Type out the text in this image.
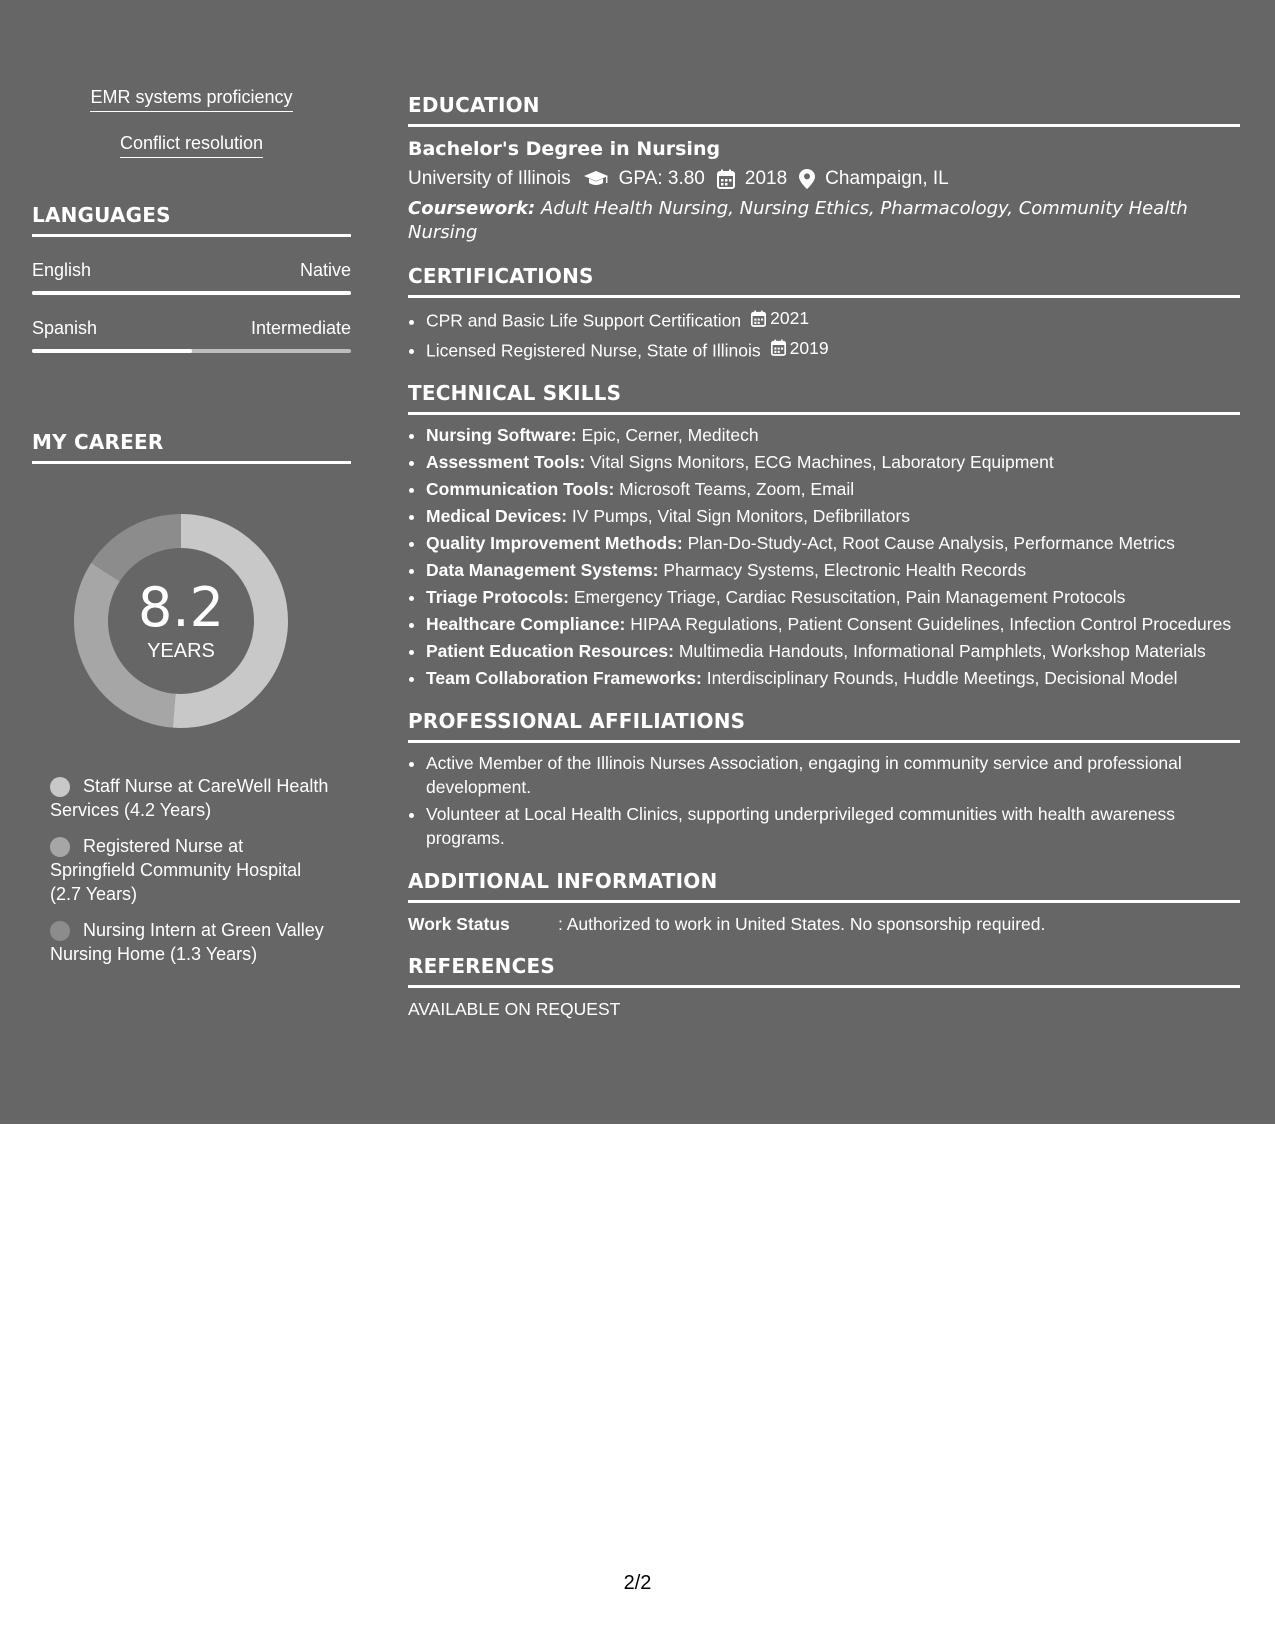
EMR systems proficiency
Conflict resolution
LANGUAGES
English	Native
Spanish	Intermediate
MY CAREER
8.2
YEARS
Staff Nurse at CareWell Health Services (4.2 Years)
Registered Nurse at Springfield Community Hospital (2.7 Years)
Nursing Intern at Green Valley Nursing Home (1.3 Years)
EDUCATION
Bachelor's Degree in Nursing
University of Illinois	GPA: 3.80 2018 Champaign, IL
Coursework: Adult Health Nursing, Nursing Ethics, Pharmacology, Community Health Nursing
CERTIFICATIONS
• CPR and Basic Life Support Certification 2021
• Licensed Registered Nurse, State of Illinois 2019
TECHNICAL SKILLS
• Nursing Software: Epic, Cerner, Meditech
• Assessment Tools: Vital Signs Monitors, ECG Machines, Laboratory Equipment
• Communication Tools: Microsoft Teams, Zoom, Email
• Medical Devices: IV Pumps, Vital Sign Monitors, Defibrillators
• Quality Improvement Methods: Plan-Do-Study-Act, Root Cause Analysis, Performance Metrics
• Data Management Systems: Pharmacy Systems, Electronic Health Records
• Triage Protocols: Emergency Triage, Cardiac Resuscitation, Pain Management Protocols
• Healthcare Compliance: HIPAA Regulations, Patient Consent Guidelines, Infection Control Procedures
• Patient Education Resources: Multimedia Handouts, Informational Pamphlets, Workshop Materials
• Team Collaboration Frameworks: Interdisciplinary Rounds, Huddle Meetings, Decisional Model
PROFESSIONAL AFFILIATIONS
• Active Member of the Illinois Nurses Association, engaging in community service and professional development.
• Volunteer at Local Health Clinics, supporting underprivileged communities with health awareness programs.
ADDITIONAL INFORMATION
Work Status	: Authorized to work in United States. No sponsorship required.
REFERENCES
AVAILABLE ON REQUEST
2/2
